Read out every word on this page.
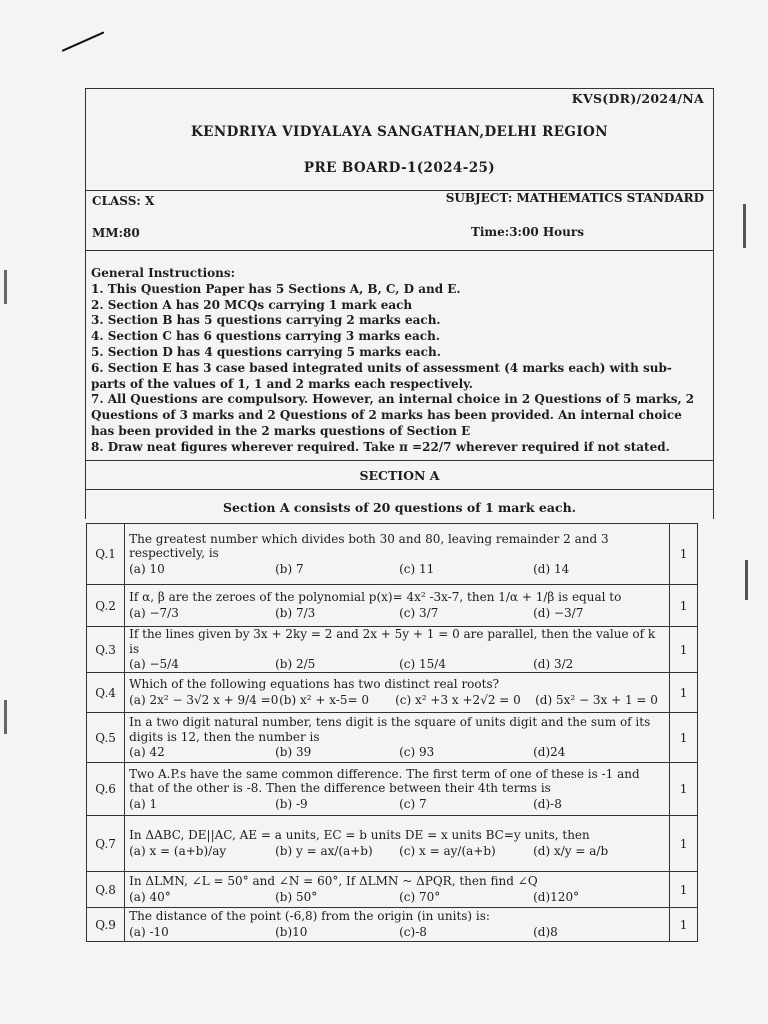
KVS(DR)/2024/NA
KENDRIYA VIDYALAYA SANGATHAN,DELHI REGION
PRE BOARD-1(2024-25)
CLASS: X	SUBJECT: MATHEMATICS STANDARD
MM:80	Time:3:00 Hours
General Instructions:
1. This Question Paper has 5 Sections A, B, C, D and E.
2. Section A has 20 MCQs carrying 1 mark each
3. Section B has 5 questions carrying 2 marks each.
4. Section C has 6 questions carrying 3 marks each.
5. Section D has 4 questions carrying 5 marks each.
6. Section E has 3 case based integrated units of assessment (4 marks each) with sub- parts of the values of 1, 1 and 2 marks each respectively.
7. All Questions are compulsory. However, an internal choice in 2 Questions of 5 marks, 2 Questions of 3 marks and 2 Questions of 2 marks has been provided. An internal choice has been provided in the 2 marks questions of Section E
8. Draw neat figures wherever required. Take π =22/7 wherever required if not stated.
SECTION A
Section A consists of 20 questions of 1 mark each.
Q.1	The greatest number which divides both 30 and 80, leaving remainder 2 and 3 respectively, is
(a) 10 (b) 7 (c) 11 (d) 14	1
Q.2	If α, β are the zeroes of the polynomial p(x)= 4x² -3x-7, then 1/α + 1/β is equal to
(a) −7/3 (b) 7/3 (c) 3/7 (d) −3/7	1
Q.3	If the lines given by 3x + 2ky = 2 and 2x + 5y + 1 = 0 are parallel, then the value of k is
(a) −5/4 (b) 2/5 (c) 15/4 (d) 3/2	1
Q.4	Which of the following equations has two distinct real roots?
(a) 2x² − 3√2 x + 9/4 =0 (b) x² + x-5= 0 (c) x² +3 x +2√2 = 0 (d) 5x² − 3x + 1 = 0	1
Q.5	In a two digit natural number, tens digit is the square of units digit and the sum of its digits is 12, then the number is
(a) 42 (b) 39 (c) 93 (d)24	1
Q.6	Two A.P.s have the same common difference. The first term of one of these is -1 and that of the other is -8. Then the difference between their 4th terms is
(a) 1 (b) -9 (c) 7 (d)-8	1
Q.7	In ΔABC, DE||AC, AE = a units, EC = b units DE = x units BC=y units, then
(a) x = (a+b)/ay (b) y = ax/(a+b) (c) x = ay/(a+b) (d) x/y = a/b	1
Q.8	In ΔLMN, ∠L = 50° and ∠N = 60°, If ΔLMN ~ ΔPQR, then find ∠Q
(a) 40° (b) 50° (c) 70° (d)120°	1
Q.9	The distance of the point (-6,8) from the origin (in units) is:
(a) -10 (b)10 (c)-8 (d)8	1
